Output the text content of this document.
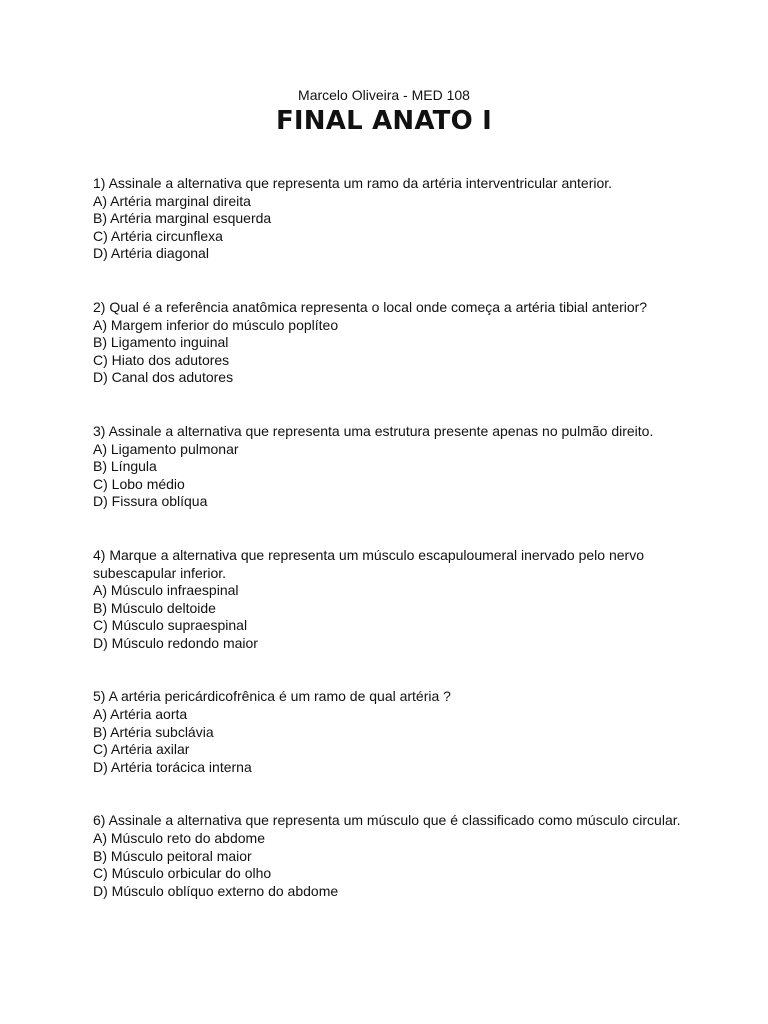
Marcelo Oliveira - MED 108
FINAL ANATO I

1) Assinale a alternativa que representa um ramo da artéria interventricular anterior.

A) Artéria marginal direita

B) Artéria marginal esquerda

C) Artéria circunflexa

D) Artéria diagonal

2) Qual é a referência anatômica representa o local onde começa a artéria tibial anterior?

A) Margem inferior do músculo poplíteo

B) Ligamento inguinal

C) Hiato dos adutores

D) Canal dos adutores

3) Assinale a alternativa que representa uma estrutura presente apenas no pulmão direito.

A) Ligamento pulmonar

B) Língula

C) Lobo médio

D) Fissura oblíqua

4) Marque a alternativa que representa um músculo escapuloumeral inervado pelo nervo subescapular inferior.

A) Músculo infraespinal

B) Músculo deltoide

C) Músculo supraespinal

D) Músculo redondo maior

5) A artéria pericárdicofrênica é um ramo de qual artéria ?

A) Artéria aorta

B) Artéria subclávia

C) Artéria axilar

D) Artéria torácica interna

6) Assinale a alternativa que representa um músculo que é classificado como músculo circular.

A) Músculo reto do abdome

B) Músculo peitoral maior

C) Músculo orbicular do olho

D) Músculo oblíquo externo do abdome
